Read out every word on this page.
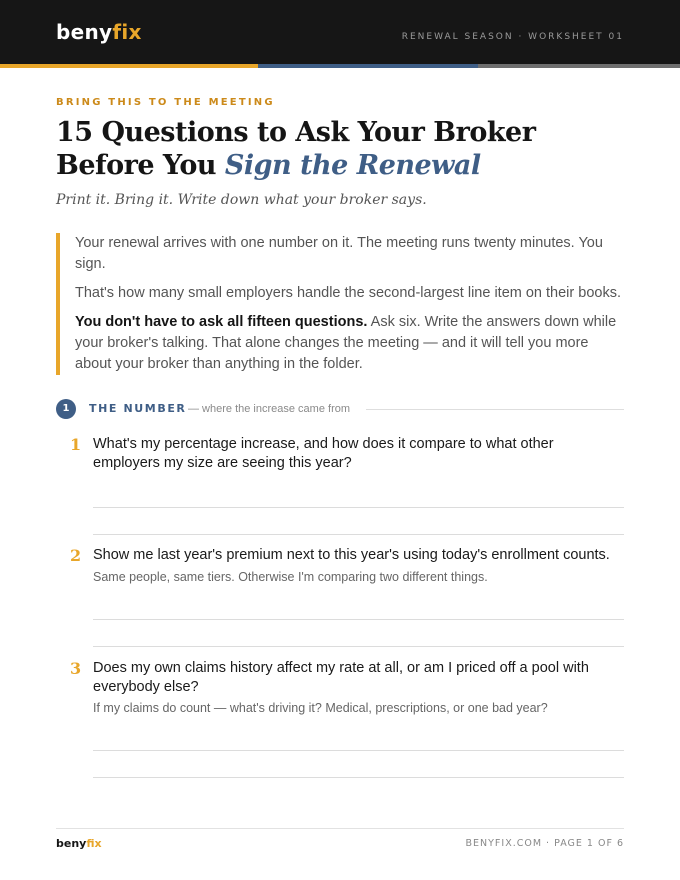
benyfix	RENEWAL SEASON · WORKSHEET 01
BRING THIS TO THE MEETING
15 Questions to Ask Your Broker
Before You Sign the Renewal
Print it. Bring it. Write down what your broker says.

Your renewal arrives with one number on it. The meeting runs twenty minutes. You sign.

That's how many small employers handle the second-largest line item on their books.

You don't have to ask all fifteen questions. Ask six. Write the answers down while your broker's talking. That alone changes the meeting — and it will tell you more about your broker than anything in the folder.

1	THE NUMBER — where the increase came from
1 What's my percentage increase, and how does it compare to what other employers my size are seeing this year?
2 Show me last year's premium next to this year's using today's enrollment counts.
Same people, same tiers. Otherwise I'm comparing two different things.
3 Does my own claims history affect my rate at all, or am I priced off a pool with everybody else?
If my claims do count — what's driving it? Medical, prescriptions, or one bad year?
benyfix	BENYFIX.COM · PAGE 1 OF 6
